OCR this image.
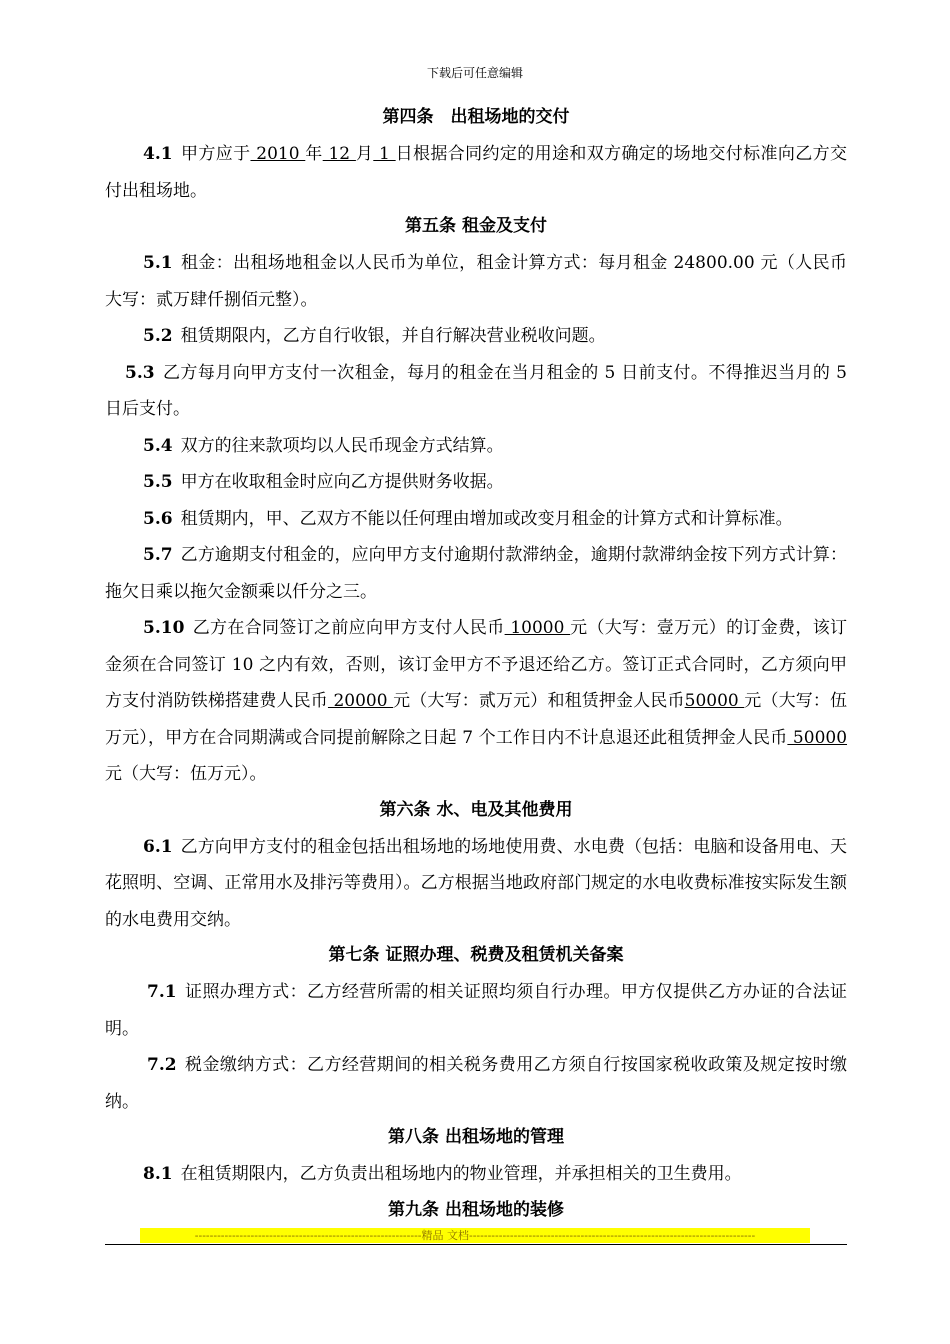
下载后可任意编辑
第四条　出租场地的交付

4.1 甲方应于 2010 年 12 月 1 日根据合同约定的用途和双方确定的场地交付标准向乙方交付出租场地。

第五条 租金及支付

5.1 租金：出租场地租金以人民币为单位，租金计算方式：每月租金 24800.00 元（人民币大写：贰万肆仟捌佰元整）。

5.2 租赁期限内，乙方自行收银，并自行解决营业税收问题。

5.3 乙方每月向甲方支付一次租金，每月的租金在当月租金的 5 日前支付。不得推迟当月的 5 日后支付。

5.4 双方的往来款项均以人民币现金方式结算。

5.5 甲方在收取租金时应向乙方提供财务收据。

5.6 租赁期内，甲、乙双方不能以任何理由增加或改变月租金的计算方式和计算标准。

5.7 乙方逾期支付租金的，应向甲方支付逾期付款滞纳金，逾期付款滞纳金按下列方式计算：拖欠日乘以拖欠金额乘以仟分之三。

5.10 乙方在合同签订之前应向甲方支付人民币 10000 元（大写：壹万元）的订金费，该订金须在合同签订 10 之内有效，否则，该订金甲方不予退还给乙方。签订正式合同时，乙方须向甲方支付消防铁梯搭建费人民币 20000 元（大写：贰万元）和租赁押金人民币50000 元（大写：伍万元），甲方在合同期满或合同提前解除之日起 7 个工作日内不计息退还此租赁押金人民币 50000 元（大写：伍万元）。

第六条 水、电及其他费用

6.1 乙方向甲方支付的租金包括出租场地的场地使用费、水电费（包括：电脑和设备用电、天花照明、空调、正常用水及排污等费用）。乙方根据当地政府部门规定的水电收费标准按实际发生额的水电费用交纳。

第七条 证照办理、税费及租赁机关备案

7.1 证照办理方式：乙方经营所需的相关证照均须自行办理。甲方仅提供乙方办证的合法证明。

7.2 税金缴纳方式：乙方经营期间的相关税务费用乙方须自行按国家税收政策及规定按时缴纳。

第八条 出租场地的管理

8.1 在租赁期限内，乙方负责出租场地内的物业管理，并承担相关的卫生费用。

第九条 出租场地的装修
-------------------------------------------------------------精品 文档-----------------------------------------------------------------------------
